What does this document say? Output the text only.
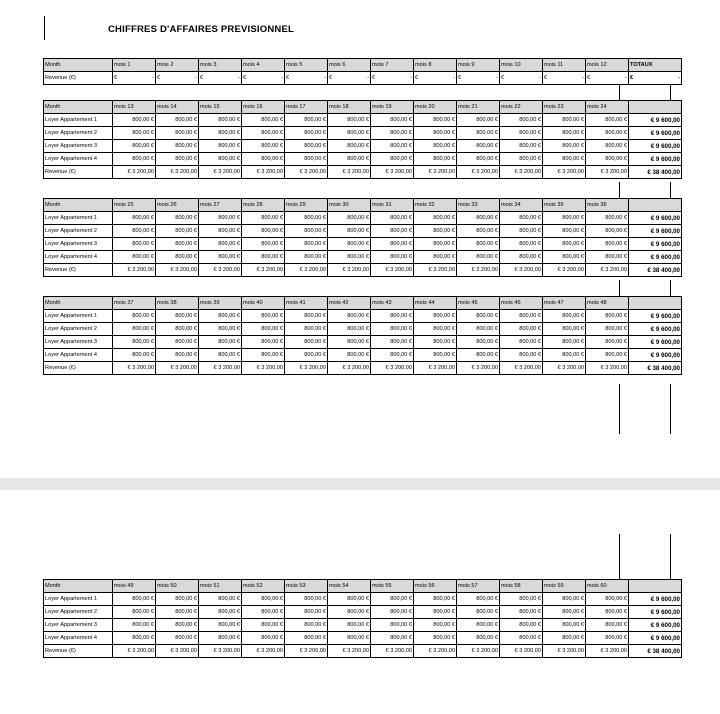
CHIFFRES D'AFFAIRES PREVISIONNEL
Month	mois 1	mois 2	mois 3	mois 4	mois 5	mois 6	mois 7	mois 8	mois 9	mois 10	mois 11	mois 12	TOTAUX
Revenue (€)	€ -	€ -	€ -	€ -	€ -	€ -	€ -	€ -	€ -	€ -	€ -	€ -	€ -
Month	mois 13	mois 14	mois 15	mois 16	mois 17	mois 18	mois 19	mois 20	mois 21	mois 22	mois 23	mois 24	
Loyer Appartement 1	800,00 €	800,00 €	800,00 €	800,00 €	800,00 €	800,00 €	800,00 €	800,00 €	800,00 €	800,00 €	800,00 €	800,00 €	€ 9 600,00
Loyer Appartement 2	800,00 €	800,00 €	800,00 €	800,00 €	800,00 €	800,00 €	800,00 €	800,00 €	800,00 €	800,00 €	800,00 €	800,00 €	€ 9 600,00
Loyer Appartement 3	800,00 €	800,00 €	800,00 €	800,00 €	800,00 €	800,00 €	800,00 €	800,00 €	800,00 €	800,00 €	800,00 €	800,00 €	€ 9 600,00
Loyer Appartement 4	800,00 €	800,00 €	800,00 €	800,00 €	800,00 €	800,00 €	800,00 €	800,00 €	800,00 €	800,00 €	800,00 €	800,00 €	€ 9 600,00
Revenue (€)	€ 3 200,00	€ 3 200,00	€ 3 200,00	€ 3 200,00	€ 3 200,00	€ 3 200,00	€ 3 200,00	€ 3 200,00	€ 3 200,00	€ 3 200,00	€ 3 200,00	€ 3 200,00	€ 38 400,00
Month	mois 25	mois 26	mois 27	mois 28	mois 29	mois 30	mois 31	mois 32	mois 33	mois 34	mois 35	mois 36	
Loyer Appartement 1	800,00 €	800,00 €	800,00 €	800,00 €	800,00 €	800,00 €	800,00 €	800,00 €	800,00 €	800,00 €	800,00 €	800,00 €	€ 9 600,00
Loyer Appartement 2	800,00 €	800,00 €	800,00 €	800,00 €	800,00 €	800,00 €	800,00 €	800,00 €	800,00 €	800,00 €	800,00 €	800,00 €	€ 9 600,00
Loyer Appartement 3	800,00 €	800,00 €	800,00 €	800,00 €	800,00 €	800,00 €	800,00 €	800,00 €	800,00 €	800,00 €	800,00 €	800,00 €	€ 9 600,00
Loyer Appartement 4	800,00 €	800,00 €	800,00 €	800,00 €	800,00 €	800,00 €	800,00 €	800,00 €	800,00 €	800,00 €	800,00 €	800,00 €	€ 9 600,00
Revenue (€)	€ 3 200,00	€ 3 200,00	€ 3 200,00	€ 3 200,00	€ 3 200,00	€ 3 200,00	€ 3 200,00	€ 3 200,00	€ 3 200,00	€ 3 200,00	€ 3 200,00	€ 3 200,00	€ 38 400,00
Month	mois 37	mois 38	mois 39	mois 40	mois 41	mois 42	mois 43	mois 44	mois 45	mois 46	mois 47	mois 48	
Loyer Appartement 1	800,00 €	800,00 €	800,00 €	800,00 €	800,00 €	800,00 €	800,00 €	800,00 €	800,00 €	800,00 €	800,00 €	800,00 €	€ 9 600,00
Loyer Appartement 2	800,00 €	800,00 €	800,00 €	800,00 €	800,00 €	800,00 €	800,00 €	800,00 €	800,00 €	800,00 €	800,00 €	800,00 €	€ 9 600,00
Loyer Appartement 3	800,00 €	800,00 €	800,00 €	800,00 €	800,00 €	800,00 €	800,00 €	800,00 €	800,00 €	800,00 €	800,00 €	800,00 €	€ 9 600,00
Loyer Appartement 4	800,00 €	800,00 €	800,00 €	800,00 €	800,00 €	800,00 €	800,00 €	800,00 €	800,00 €	800,00 €	800,00 €	800,00 €	€ 9 600,00
Revenue (€)	€ 3 200,00	€ 3 200,00	€ 3 200,00	€ 3 200,00	€ 3 200,00	€ 3 200,00	€ 3 200,00	€ 3 200,00	€ 3 200,00	€ 3 200,00	€ 3 200,00	€ 3 200,00	€ 38 400,00
Month	mois 49	mois 50	mois 51	mois 52	mois 53	mois 54	mois 55	mois 56	mois 57	mois 58	mois 59	mois 60	
Loyer Appartement 1	800,00 €	800,00 €	800,00 €	800,00 €	800,00 €	800,00 €	800,00 €	800,00 €	800,00 €	800,00 €	800,00 €	800,00 €	€ 9 600,00
Loyer Appartement 2	800,00 €	800,00 €	800,00 €	800,00 €	800,00 €	800,00 €	800,00 €	800,00 €	800,00 €	800,00 €	800,00 €	800,00 €	€ 9 600,00
Loyer Appartement 3	800,00 €	800,00 €	800,00 €	800,00 €	800,00 €	800,00 €	800,00 €	800,00 €	800,00 €	800,00 €	800,00 €	800,00 €	€ 9 600,00
Loyer Appartement 4	800,00 €	800,00 €	800,00 €	800,00 €	800,00 €	800,00 €	800,00 €	800,00 €	800,00 €	800,00 €	800,00 €	800,00 €	€ 9 600,00
Revenue (€)	€ 3 200,00	€ 3 200,00	€ 3 200,00	€ 3 200,00	€ 3 200,00	€ 3 200,00	€ 3 200,00	€ 3 200,00	€ 3 200,00	€ 3 200,00	€ 3 200,00	€ 3 200,00	€ 38 400,00
